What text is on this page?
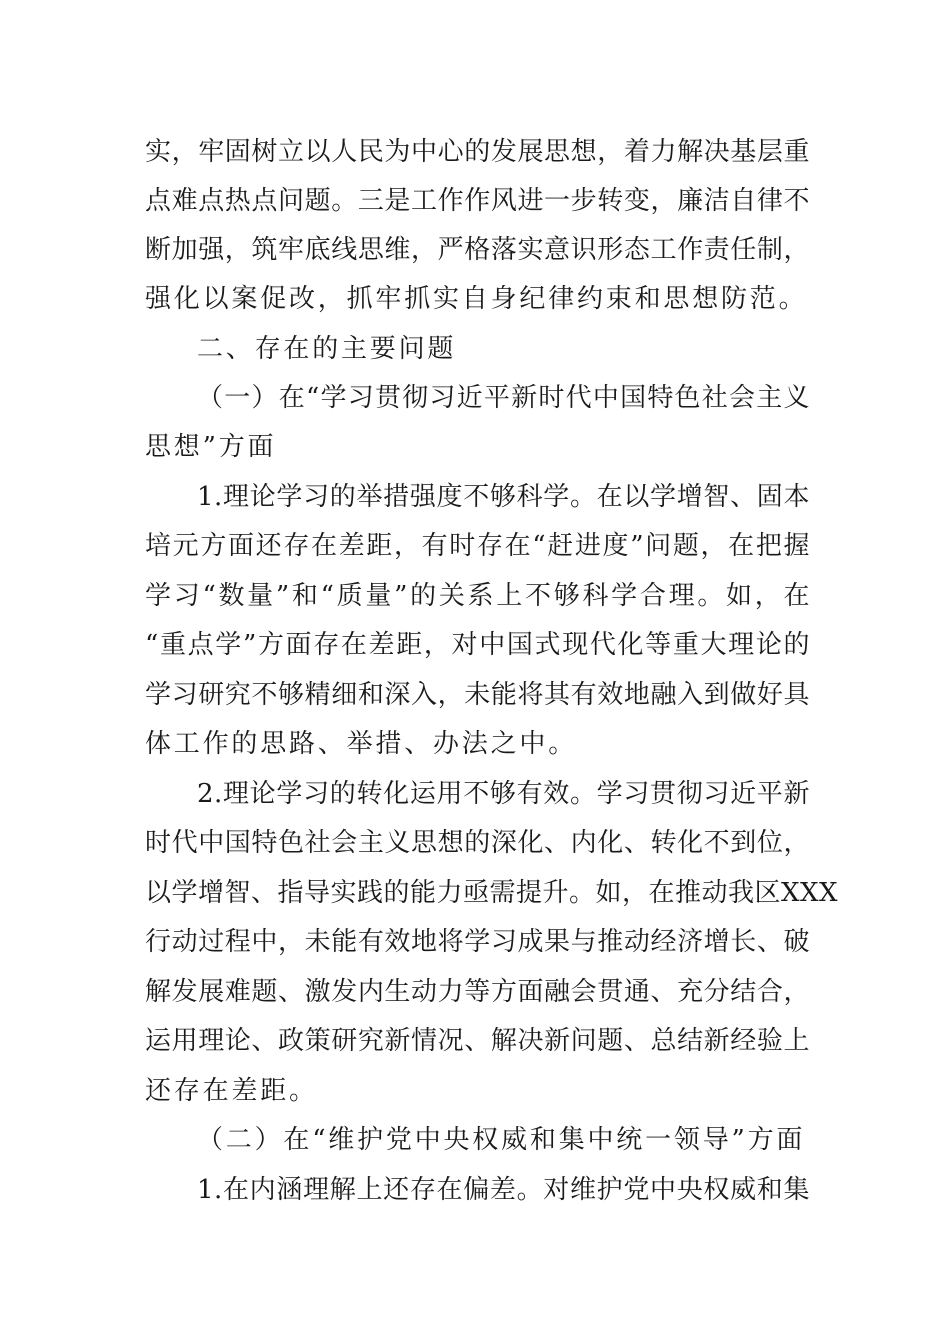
实，牢固树立以人民为中心的发展思想，着力解决基层重
点难点热点问题。三是工作作风进一步转变，廉洁自律不
断加强，筑牢底线思维，严格落实意识形态工作责任制，
强化以案促改，抓牢抓实自身纪律约束和思想防范。
二、存在的主要问题
（一）在“学习贯彻习近平新时代中国特色社会主义
思想”方面
1.理论学习的举措强度不够科学。在以学增智、固本
培元方面还存在差距，有时存在“赶进度”问题，在把握
学习“数量”和“质量”的关系上不够科学合理。如，在
“重点学”方面存在差距，对中国式现代化等重大理论的
学习研究不够精细和深入，未能将其有效地融入到做好具
体工作的思路、举措、办法之中。
2.理论学习的转化运用不够有效。学习贯彻习近平新
时代中国特色社会主义思想的深化、内化、转化不到位，
以学增智、指导实践的能力亟需提升。如，在推动我区XXX
行动过程中，未能有效地将学习成果与推动经济增长、破
解发展难题、激发内生动力等方面融会贯通、充分结合，
运用理论、政策研究新情况、解决新问题、总结新经验上
还存在差距。
（二）在“维护党中央权威和集中统一领导”方面
1.在内涵理解上还存在偏差。对维护党中央权威和集
